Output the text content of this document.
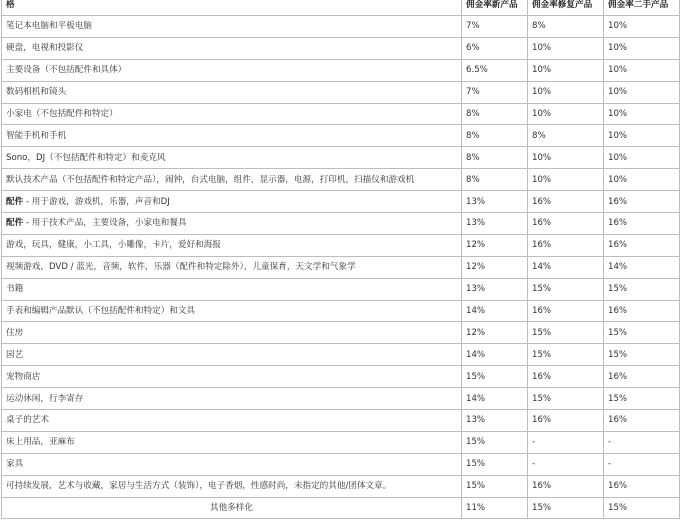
格	佣金率新产品	佣金率修复产品	佣金率二手产品
笔记本电脑和平板电脑	7%	8%	10%
硬盘，电视和投影仪	6%	10%	10%
主要设备（不包括配件和具体）	6.5%	10%	10%
数码相机和镜头	7%	10%	10%
小家电（不包括配件和特定）	8%	10%	10%
智能手机和手机	8%	8%	10%
Sono，DJ（不包括配件和特定）和麦克风	8%	10%	10%
默认技术产品（不包括配件和特定产品），闹钟，台式电脑，组件，显示器，电源，打印机，扫描仪和游戏机	8%	10%	10%
配件 - 用于游戏，游戏机，乐器，声音和DJ	13%	16%	16%
配件 - 用于技术产品，主要设备，小家电和餐具	13%	16%	16%
游戏，玩具，健康，小工具，小雕像，卡片，爱好和海报	12%	16%	16%
视频游戏，DVD / 蓝光，音频，软件，乐器（配件和特定除外），儿童保育，天文学和气象学	12%	14%	14%
书籍	13%	15%	15%
手表和编辑产品默认（不包括配件和特定）和文具	14%	16%	16%
住房	12%	15%	15%
园艺	14%	15%	15%
宠物商店	15%	16%	16%
运动休闲，行李寄存	14%	15%	15%
桌子的艺术	13%	16%	16%
床上用品，亚麻布	15%	-	-
家具	15%	-	-
可持续发展，艺术与收藏，家居与生活方式（装饰），电子香烟，性感时尚，未指定的其他/团体文章。	15%	16%	16%
其他多样化	11%	15%	15%
